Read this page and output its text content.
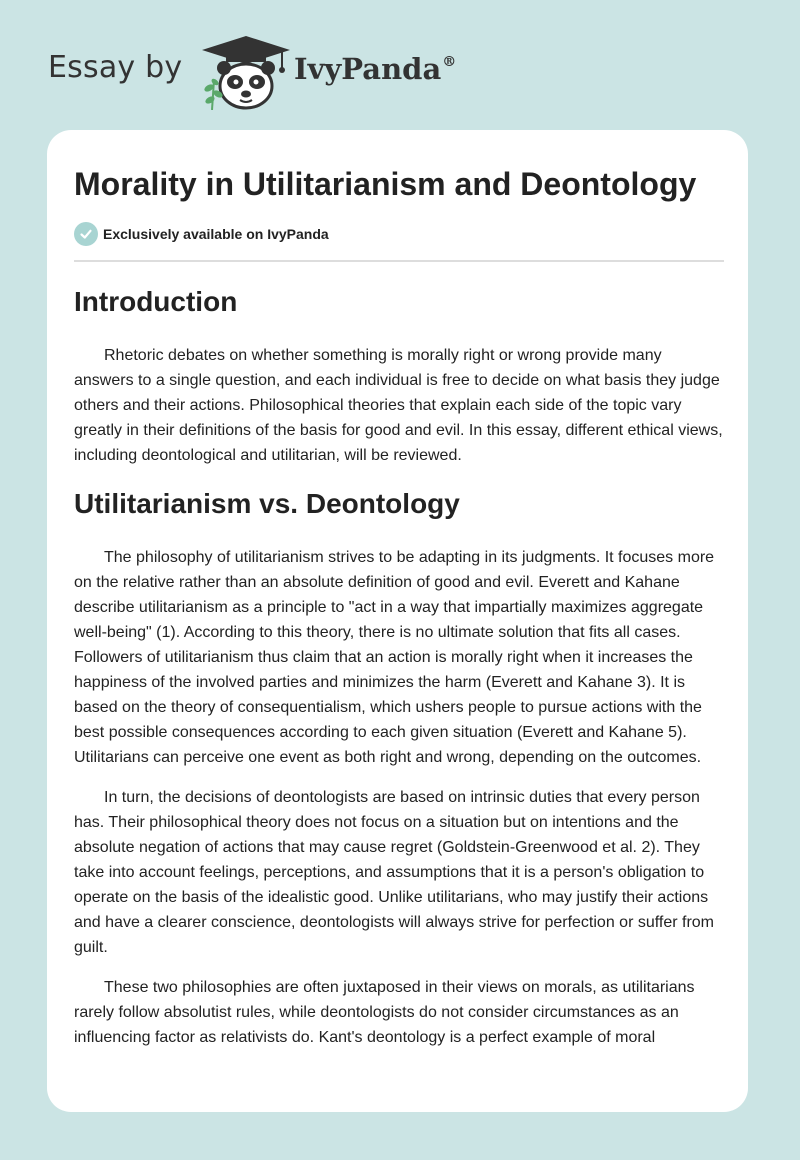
Essay by	IvyPanda®
Morality in Utilitarianism and Deontology
Exclusively available on IvyPanda
Introduction

Rhetoric debates on whether something is morally right or wrong provide many answers to a single question, and each individual is free to decide on what basis they judge others and their actions. Philosophical theories that explain each side of the topic vary greatly in their definitions of the basis for good and evil. In this essay, different ethical views, including deontological and utilitarian, will be reviewed.

Utilitarianism vs. Deontology

The philosophy of utilitarianism strives to be adapting in its judgments. It focuses more on the relative rather than an absolute definition of good and evil. Everett and Kahane describe utilitarianism as a principle to "act in a way that impartially maximizes aggregate well-being" (1). According to this theory, there is no ultimate solution that fits all cases. Followers of utilitarianism thus claim that an action is morally right when it increases the happiness of the involved parties and minimizes the harm (Everett and Kahane 3). It is based on the theory of consequentialism, which ushers people to pursue actions with the best possible consequences according to each given situation (Everett and Kahane 5). Utilitarians can perceive one event as both right and wrong, depending on the outcomes.

In turn, the decisions of deontologists are based on intrinsic duties that every person has. Their philosophical theory does not focus on a situation but on intentions and the absolute negation of actions that may cause regret (Goldstein-Greenwood et al. 2). They take into account feelings, perceptions, and assumptions that it is a person's obligation to operate on the basis of the idealistic good. Unlike utilitarians, who may justify their actions and have a clearer conscience, deontologists will always strive for perfection or suffer from guilt.

These two philosophies are often juxtaposed in their views on morals, as utilitarians rarely follow absolutist rules, while deontologists do not consider circumstances as an influencing factor as relativists do. Kant's deontology is a perfect example of moral
